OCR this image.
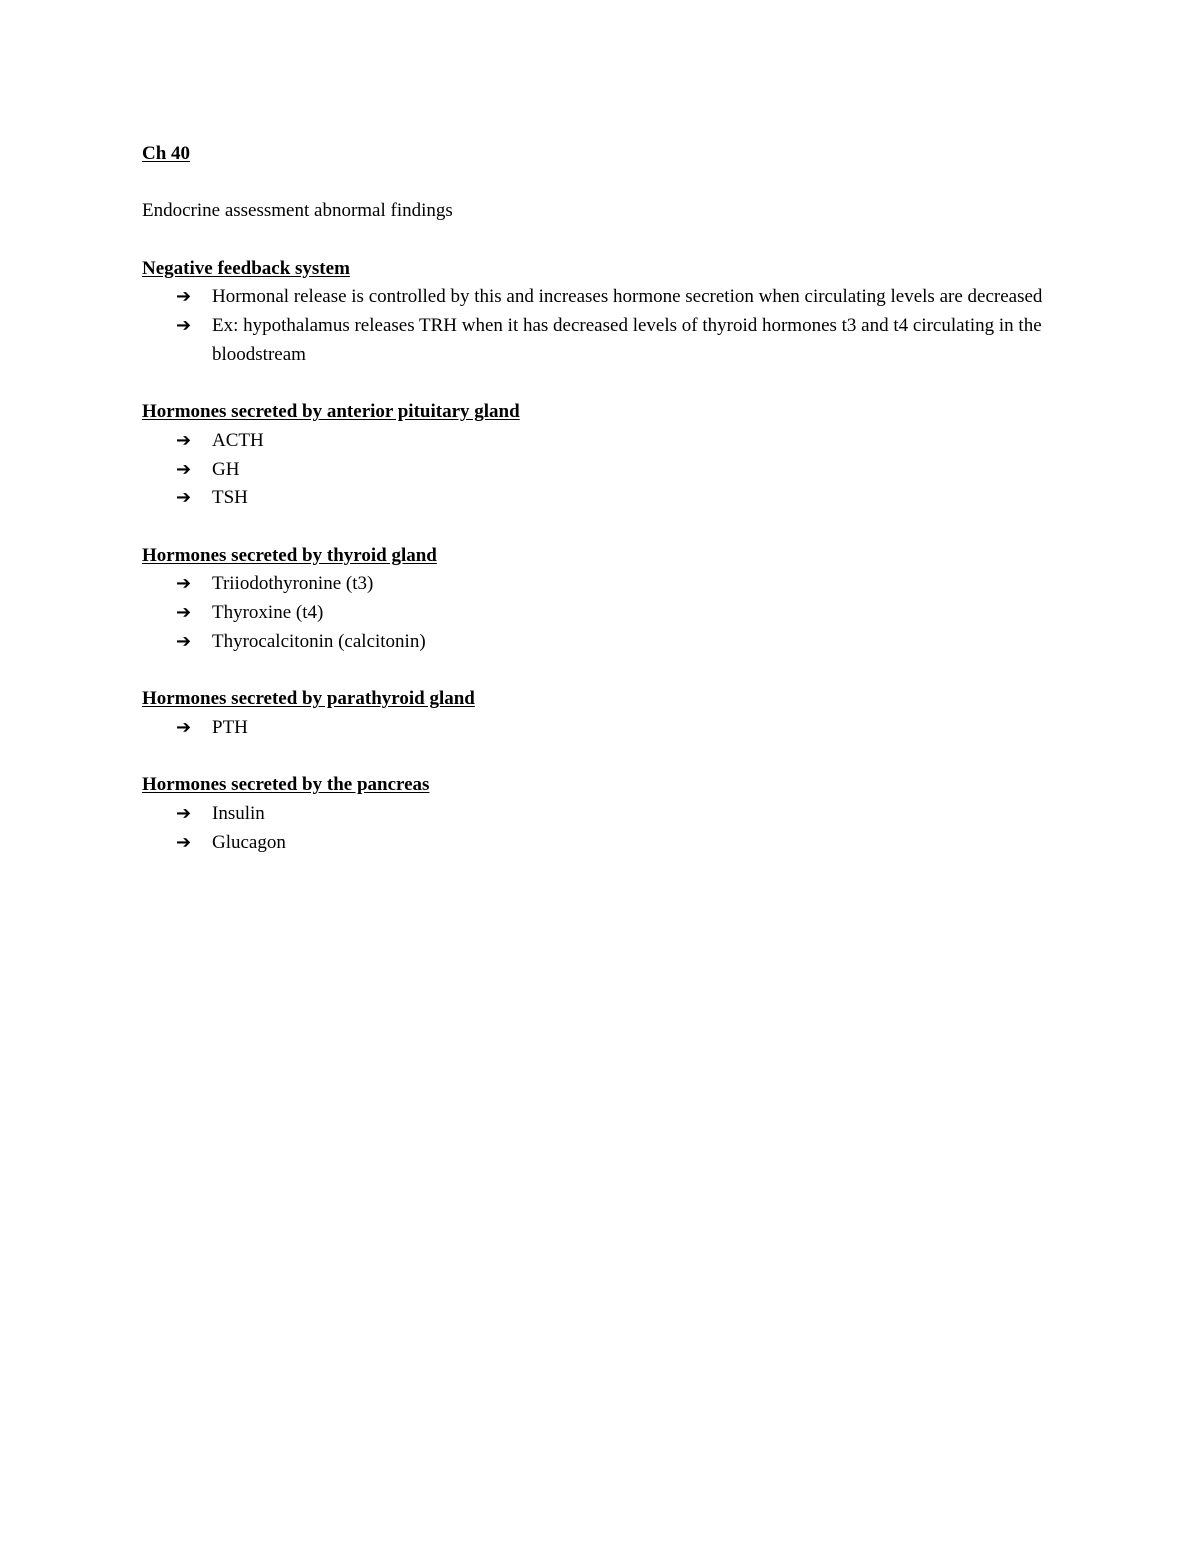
Ch 40

Endocrine assessment abnormal findings

Negative feedback system

➔ Hormonal release is controlled by this and increases hormone secretion when circulating levels are decreased
➔ Ex: hypothalamus releases TRH when it has decreased levels of thyroid hormones t3 and t4 circulating in the bloodstream

Hormones secreted by anterior pituitary gland

➔ ACTH
➔ GH
➔ TSH

Hormones secreted by thyroid gland

➔ Triiodothyronine (t3)
➔ Thyroxine (t4)
➔ Thyrocalcitonin (calcitonin)

Hormones secreted by parathyroid gland

➔ PTH

Hormones secreted by the pancreas

➔ Insulin
➔ Glucagon
